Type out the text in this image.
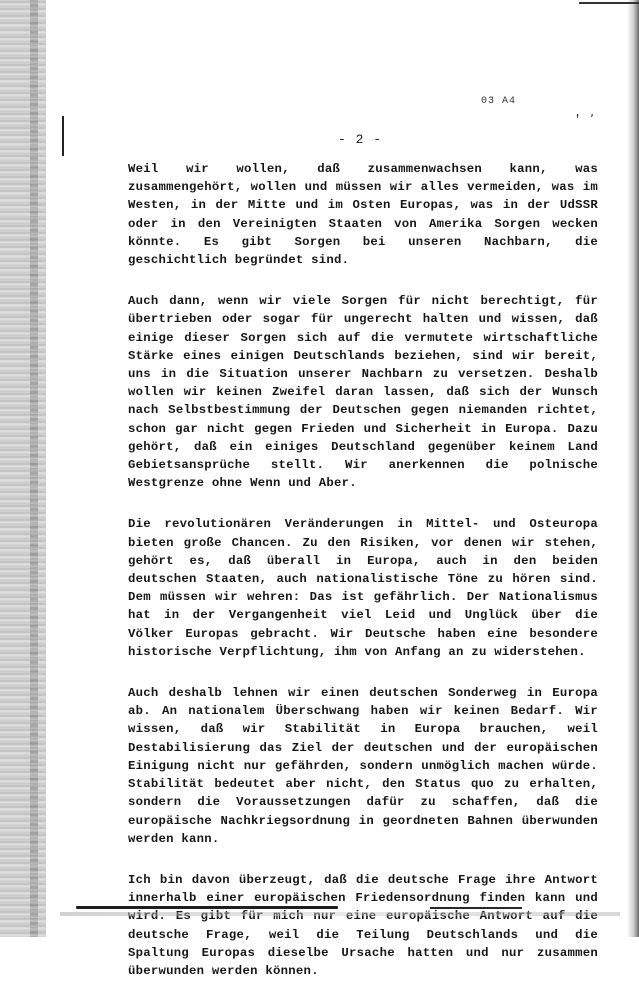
03 A4
' ٬
- 2 -

Weil wir wollen, daß zusammenwachsen kann, was zusammengehört, wollen und müssen wir alles vermeiden, was im Westen, in der Mitte und im Osten Europas, was in der UdSSR oder in den Vereinigten Staaten von Amerika Sorgen wecken könnte. Es gibt Sorgen bei unseren Nachbarn, die geschichtlich begründet sind.

Auch dann, wenn wir viele Sorgen für nicht berechtigt, für übertrieben oder sogar für ungerecht halten und wissen, daß einige dieser Sorgen sich auf die vermutete wirtschaftliche Stärke eines einigen Deutschlands beziehen, sind wir bereit, uns in die Situation unserer Nachbarn zu versetzen. Deshalb wollen wir keinen Zweifel daran lassen, daß sich der Wunsch nach Selbstbestimmung der Deutschen gegen niemanden richtet, schon gar nicht gegen Frieden und Sicherheit in Europa. Dazu gehört, daß ein einiges Deutschland gegenüber keinem Land Gebietsansprüche stellt. Wir anerkennen die polnische Westgrenze ohne Wenn und Aber.

Die revolutionären Veränderungen in Mittel- und Osteuropa bieten große Chancen. Zu den Risiken, vor denen wir stehen, gehört es, daß überall in Europa, auch in den beiden deutschen Staaten, auch nationalistische Töne zu hören sind. Dem müssen wir wehren: Das ist gefährlich. Der Nationalismus hat in der Vergangenheit viel Leid und Unglück über die Völker Europas gebracht. Wir Deutsche haben eine besondere historische Verpflichtung, ihm von Anfang an zu widerstehen.

Auch deshalb lehnen wir einen deutschen Sonderweg in Europa ab. An nationalem Überschwang haben wir keinen Bedarf. Wir wissen, daß wir Stabilität in Europa brauchen, weil Destabilisierung das Ziel der deutschen und der europäischen Einigung nicht nur gefährden, sondern unmöglich machen würde. Stabilität bedeutet aber nicht, den Status quo zu erhalten, sondern die Voraussetzungen dafür zu schaffen, daß die europäische Nachkriegsordnung in geordneten Bahnen überwunden werden kann.

Ich bin davon überzeugt, daß die deutsche Frage ihre Antwort innerhalb einer europäischen Friedensordnung finden kann und wird. Es gibt für mich nur eine europäische Antwort auf die deutsche Frage, weil die Teilung Deutschlands und die Spaltung Europas dieselbe Ursache hatten und nur zusammen überwunden werden können.
